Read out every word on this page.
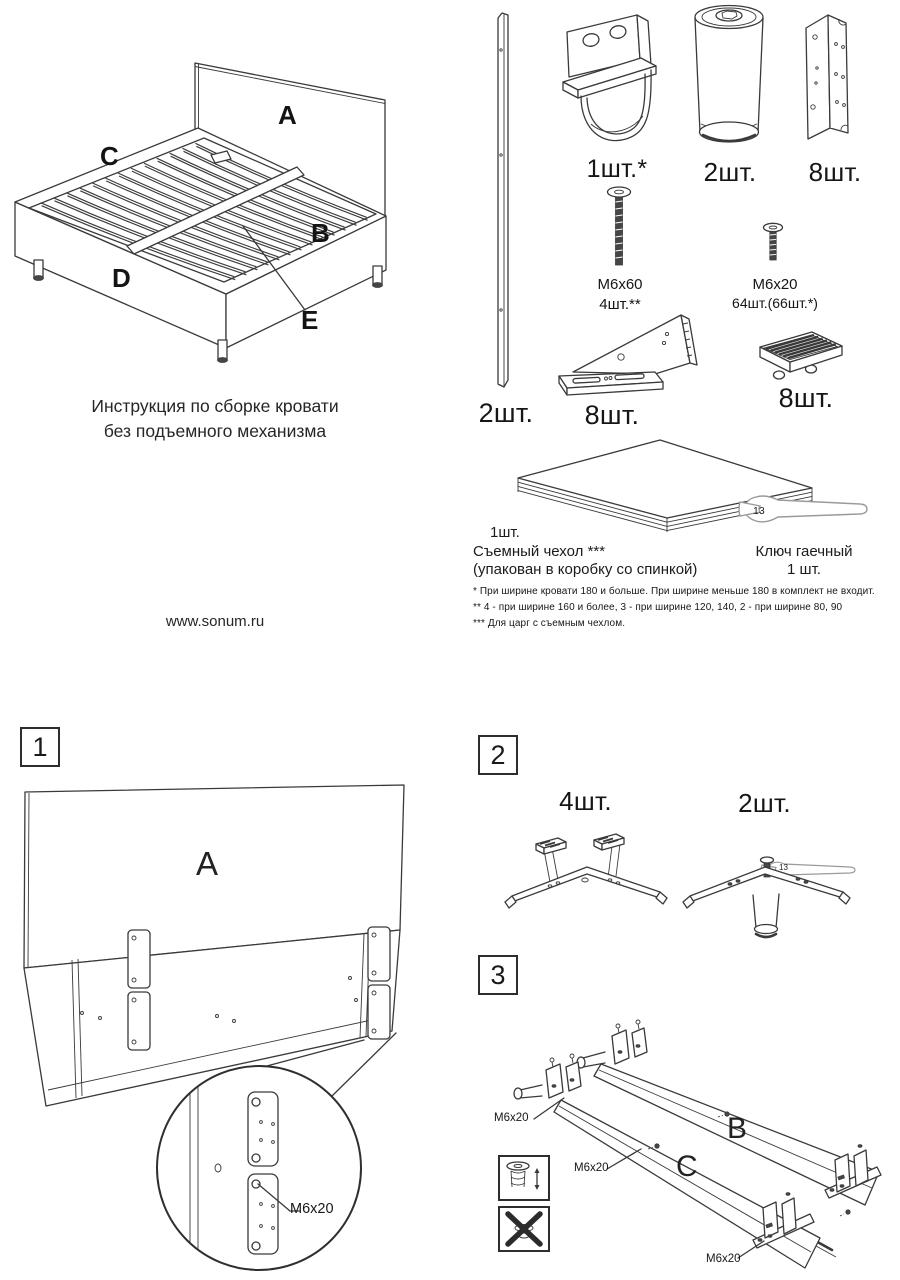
A
C
B
D
E
Инструкция по сборке кровати
без подъемного механизма
www.sonum.ru
1шт.*	2шт.	8шт.
M6x60
4шт.**
M6x20
64шт.(66шт.*)
2шт.	8шт.
8шт.
13
1шт.
Съемный чехол ***
(упакован в коробку со спинкой)
Ключ гаечный
1 шт.
* При ширине кровати 180 и больше. При ширине меньше 180 в комплект не входит.
** 4 - при ширине 160 и более, 3 - при ширине 120, 140, 2 - при ширине 80, 90
*** Для царг с съемным чехлом.
1
A
M6x20
2
4шт.	2шт.
13
3
B
C
M6x20
M6x20
M6x20
